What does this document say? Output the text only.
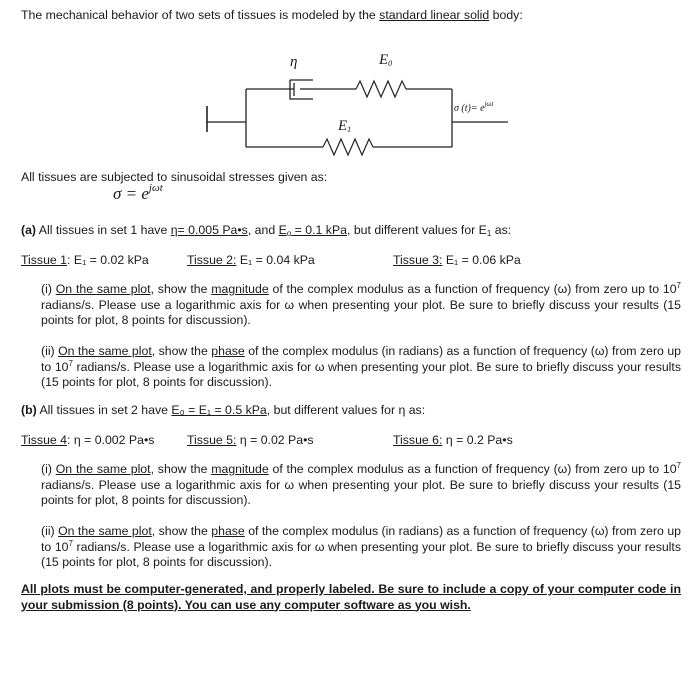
The mechanical behavior of two sets of tissues is modeled by the standard linear solid body:
η	$E_0$
$E_1$
σ $(t)= e^{j\omega t}$
All tissues are subjected to sinusoidal stresses given as:
$\sigma = e^{j\omega t}$
(a) All tissues in set 1 have η= 0.005 Pa•s, and $E_o = 0.1$ kPa, but different values for $E_1$ as:
Tissue 1: E₁ = 0.02 kPa	Tissue 2: E₁ = 0.04 kPa	Tissue 3: E₁ = 0.06 kPa
(i) On the same plot, show the magnitude of the complex modulus as a function of frequency (ω) from zero up to $10^7$ radians/s. Please use a logarithmic axis for ω when presenting your plot. Be sure to briefly discuss your results (15 points for plot, 8 points for discussion).
(ii) On the same plot, show the phase of the complex modulus (in radians) as a function of frequency (ω) from zero up to $10^7$ radians/s. Please use a logarithmic axis for ω when presenting your plot. Be sure to briefly discuss your results (15 points for plot, 8 points for discussion).
(b) All tissues in set 2 have E₀ = E₁ = 0.5 kPa, but different values for η as:
Tissue 4: η = 0.002 Pa•s	Tissue 5: η = 0.02 Pa•s	Tissue 6: η = 0.2 Pa•s
(i) On the same plot, show the magnitude of the complex modulus as a function of frequency (ω) from zero up to $10^7$ radians/s. Please use a logarithmic axis for ω when presenting your plot. Be sure to briefly discuss your results (15 points for plot, 8 points for discussion).
(ii) On the same plot, show the phase of the complex modulus (in radians) as a function of frequency (ω) from zero up to $10^7$ radians/s. Please use a logarithmic axis for ω when presenting your plot. Be sure to briefly discuss your results (15 points for plot, 8 points for discussion).
All plots must be computer-generated, and properly labeled. Be sure to include a copy of your computer code in your submission (8 points). You can use any computer software as you wish.
